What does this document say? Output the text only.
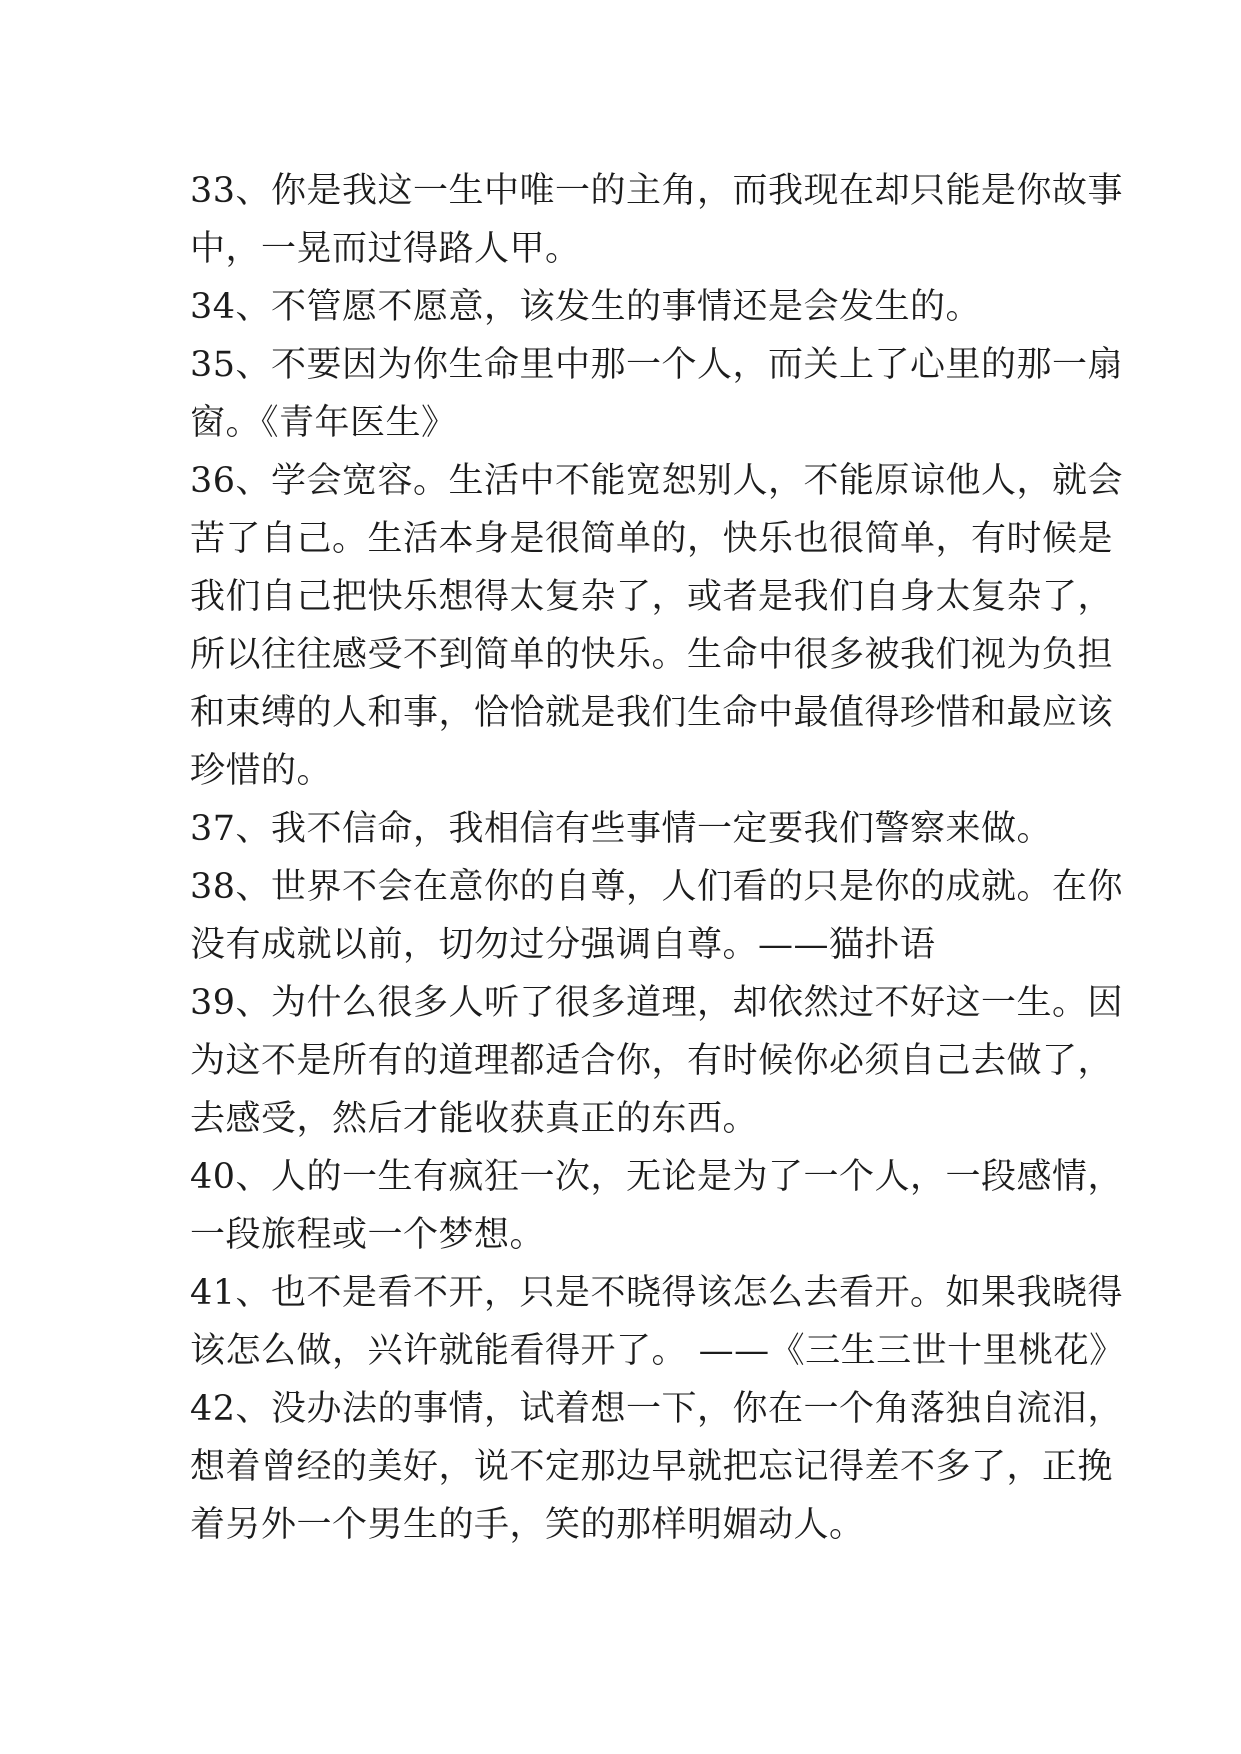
33、你是我这一生中唯一的主角，而我现在却只能是你故事
中，一晃而过得路人甲。
34、不管愿不愿意，该发生的事情还是会发生的。
35、不要因为你生命里中那一个人，而关上了心里的那一扇
窗。《青年医生》
36、学会宽容。生活中不能宽恕别人，不能原谅他人，就会
苦了自己。生活本身是很简单的，快乐也很简单，有时候是
我们自己把快乐想得太复杂了，或者是我们自身太复杂了，
所以往往感受不到简单的快乐。生命中很多被我们视为负担
和束缚的人和事，恰恰就是我们生命中最值得珍惜和最应该
珍惜的。
37、我不信命，我相信有些事情一定要我们警察来做。
38、世界不会在意你的自尊，人们看的只是你的成就。在你
没有成就以前，切勿过分强调自尊。——猫扑语
39、为什么很多人听了很多道理，却依然过不好这一生。因
为这不是所有的道理都适合你，有时候你必须自己去做了，
去感受，然后才能收获真正的东西。
40、人的一生有疯狂一次，无论是为了一个人，一段感情，
一段旅程或一个梦想。
41、也不是看不开，只是不晓得该怎么去看开。如果我晓得
该怎么做，兴许就能看得开了。 ——《三生三世十里桃花》
42、没办法的事情，试着想一下，你在一个角落独自流泪，
想着曾经的美好，说不定那边早就把忘记得差不多了，正挽
着另外一个男生的手，笑的那样明媚动人。
